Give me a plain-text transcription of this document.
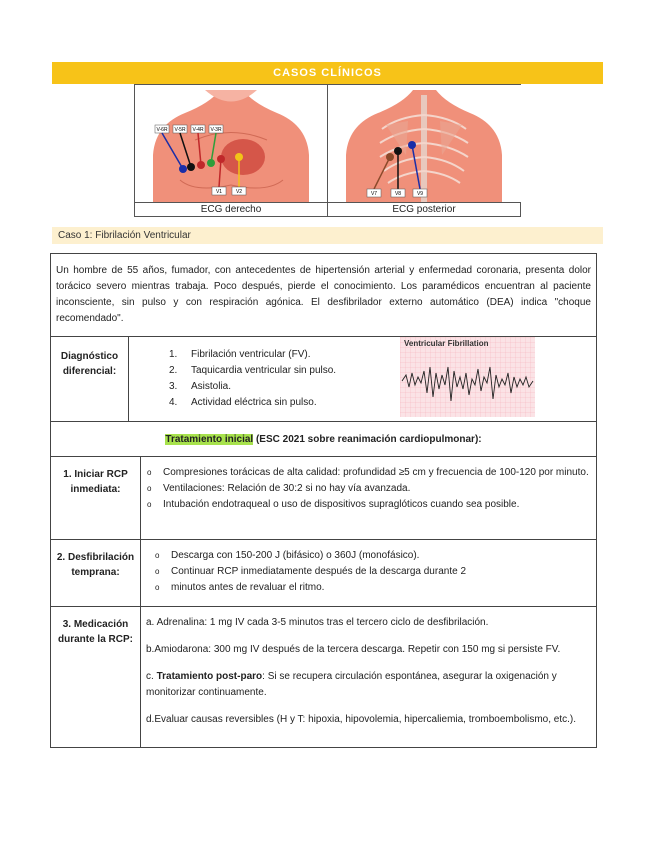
CASOS CLÍNICOS
V-6R V-5R V-4R V-3R
V1	V2	V7	V8	V9
ECG derecho	ECG posterior
Caso 1: Fibrilación Ventricular
Un hombre de 55 años, fumador, con antecedentes de hipertensión arterial y enfermedad coronaria, presenta dolor torácico severo mientras trabaja. Poco después, pierde el conocimiento. Los paramédicos encuentran al paciente inconsciente, sin pulso y con respiración agónica. El desfibrilador externo automático (DEA) indica "choque recomendado".
Diagnóstico
diferencial:
1.	Fibrilación ventricular (FV).
2.	Taquicardia ventricular sin pulso.
3.	Asistolia.
4.	Actividad eléctrica sin pulso.
Ventricular Fibrillation
Tratamiento inicial (ESC 2021 sobre reanimación cardiopulmonar):
1. Iniciar RCP
inmediata:
o	Compresiones torácicas de alta calidad: profundidad ≥5 cm y frecuencia de 100-120 por minuto.
o	Ventilaciones: Relación de 30:2 si no hay vía avanzada.
o	Intubación endotraqueal o uso de dispositivos supraglóticos cuando sea posible.
2. Desfibrilación
temprana:
o	Descarga con 150-200 J (bifásico) o 360J (monofásico).
o	Continuar RCP inmediatamente después de la descarga durante 2
o	minutos antes de revaluar el ritmo.
3. Medicación
durante la RCP:

a. Adrenalina: 1 mg IV cada 3-5 minutos tras el tercero ciclo de desfibrilación.

b.Amiodarona: 300 mg IV después de la tercera descarga. Repetir con 150 mg si persiste FV.

c. Tratamiento post-paro: Si se recupera circulación espontánea, asegurar la oxigenación y monitorizar continuamente.

d.Evaluar causas reversibles (H y T: hipoxia, hipovolemia, hipercaliemia, tromboembolismo, etc.).
